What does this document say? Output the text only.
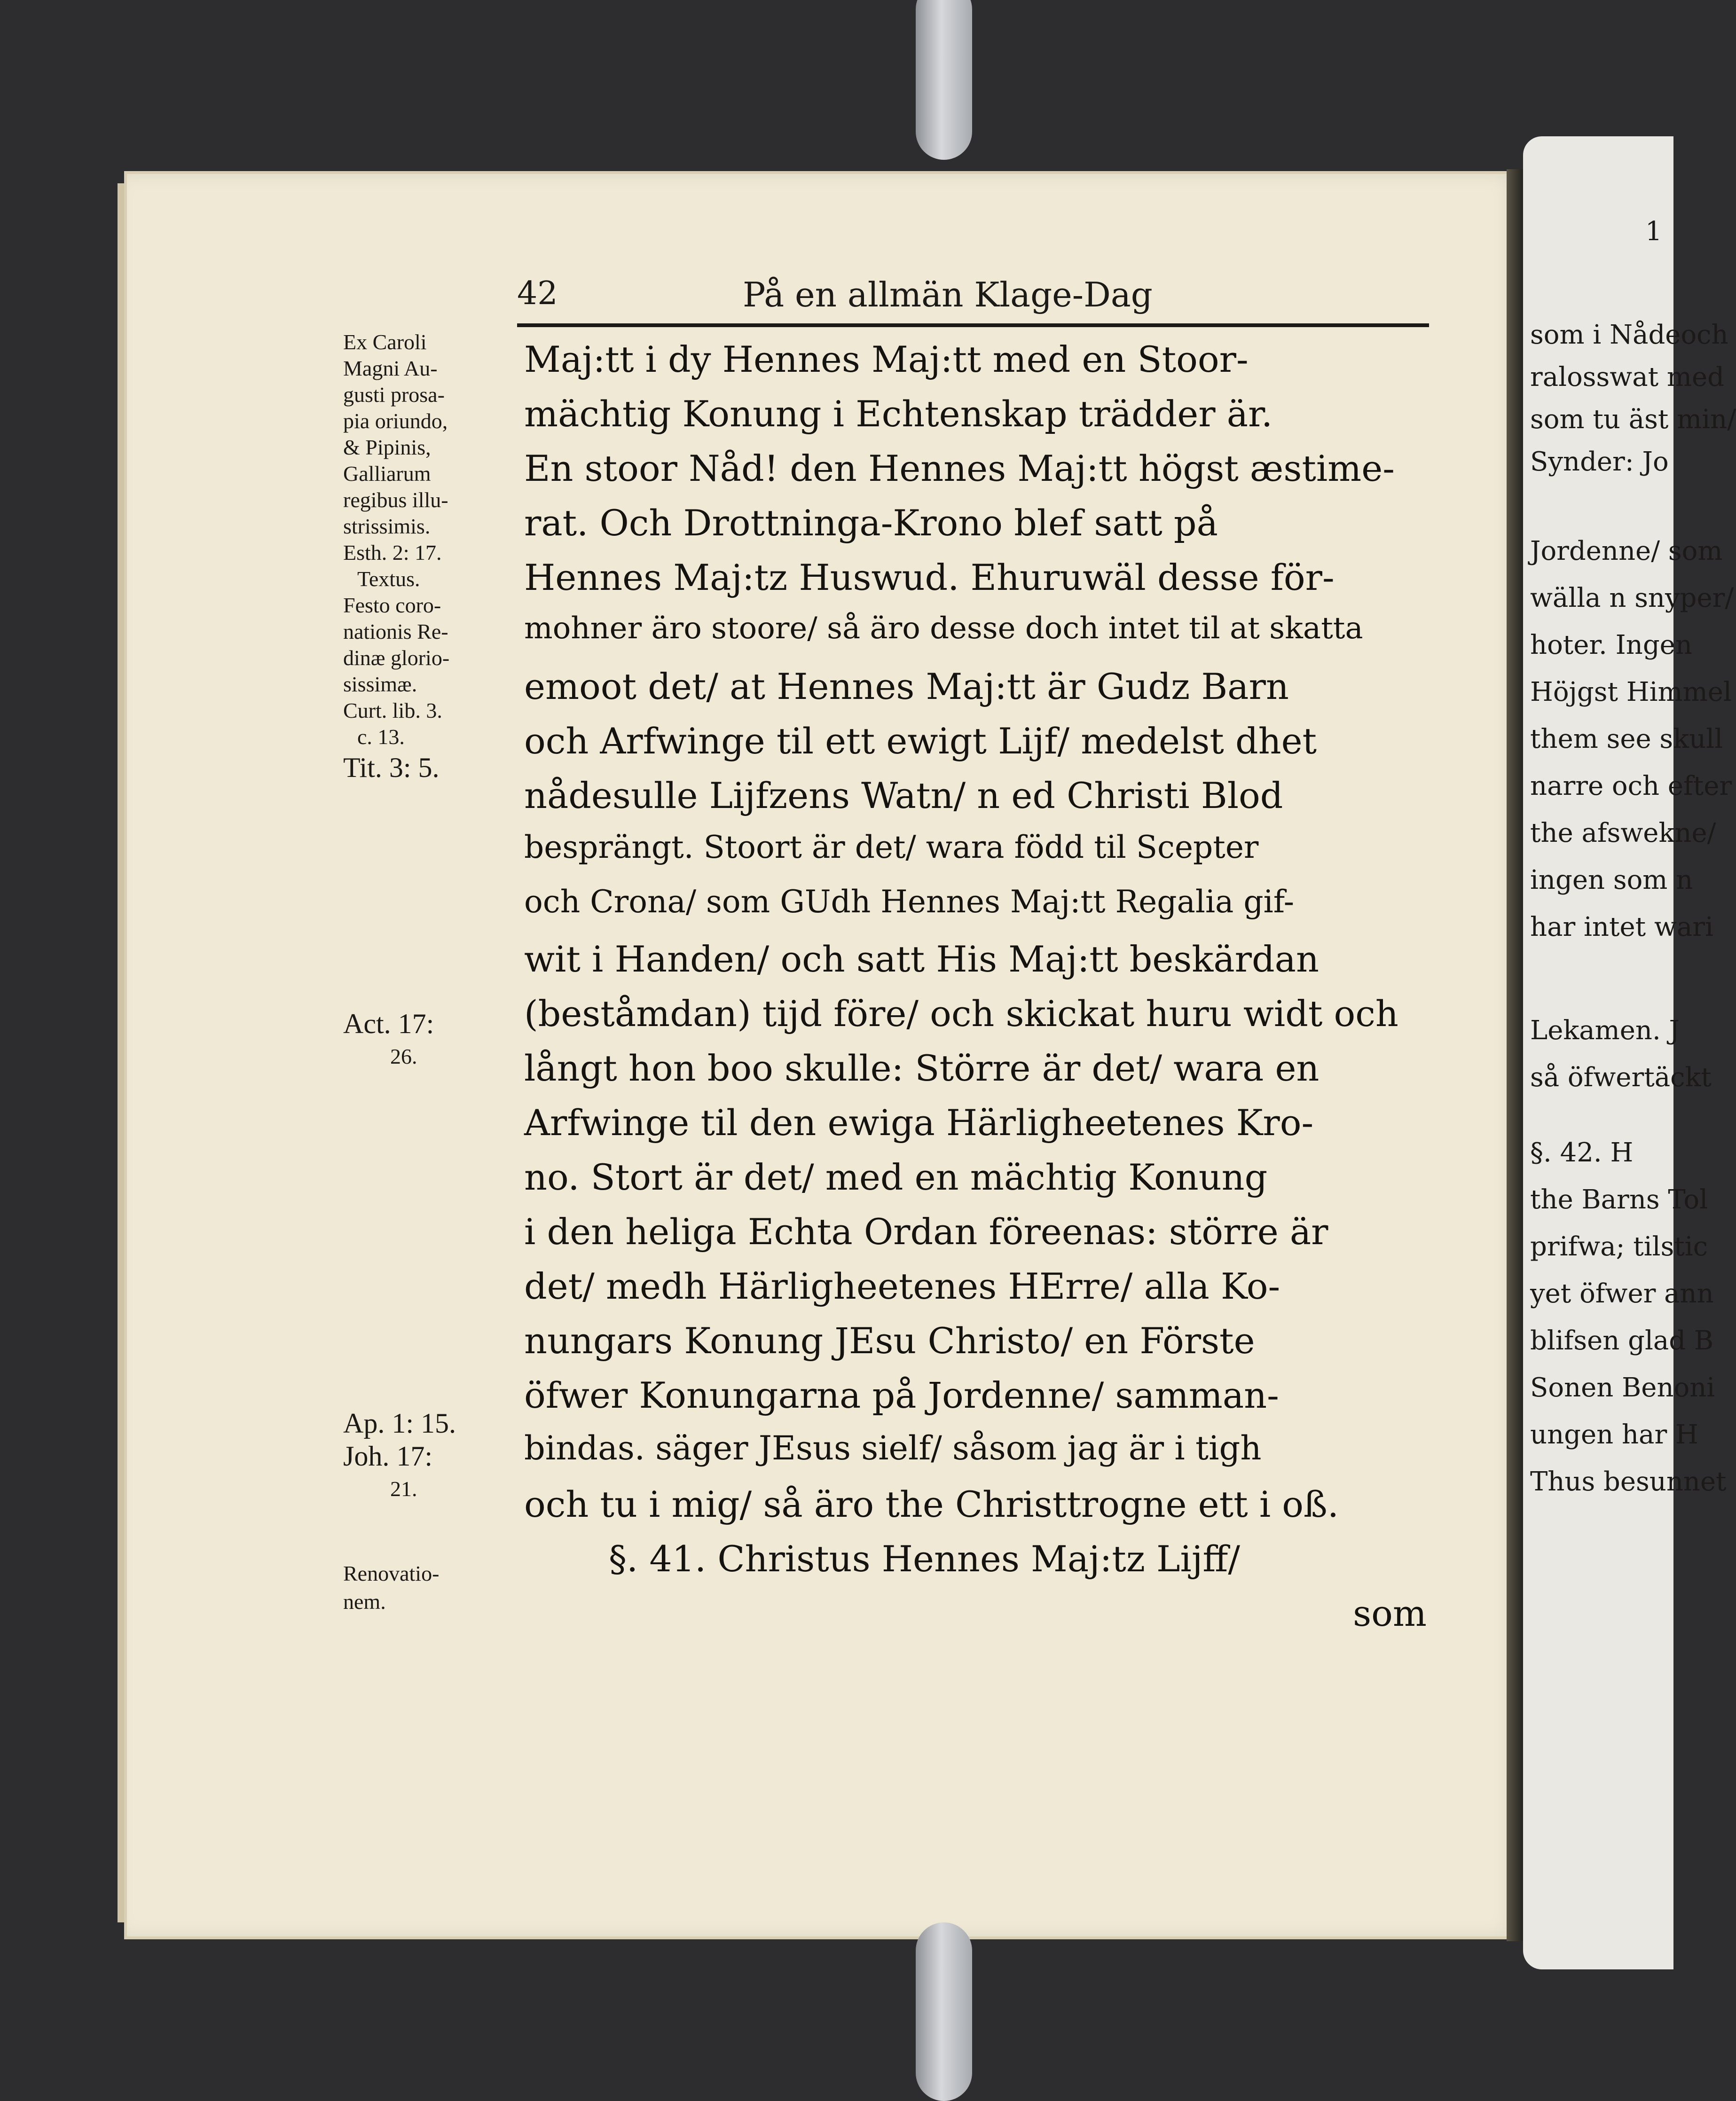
42	På en allmän Klage-Dag
Ex Caroli
Magni Au-
gusti prosa-
pia oriundo,
& Pipinis,
Galliarum
regibus illu-
strissimis.
Esth. 2: 17.
Textus.
Festo coro-
nationis Re-
dinæ glorio-
sissimæ.
Curt. lib. 3.
c. 13.
Tit. 3: 5.
Act. 17:
26.
Ap. 1: 15.
Joh. 17:
21.
Renovatio-
nem.
Maj:tt i dy Hennes Maj:tt med en Stoor-
mächtig Konung i Echtenskap trädder är.
En stoor Nåd! den Hennes Maj:tt högst æstime-
rat. Och Drottninga-Krono blef satt på
Hennes Maj:tz Huswud. Ehuruwäl desse för-
mohner äro stoore/ så äro desse doch intet til at skatta
emoot det/ at Hennes Maj:tt är Gudz Barn
och Arfwinge til ett ewigt Lijf/ medelst dhet
nådesulle Lijfzens Watn/ n ed Christi Blod
besprängt. Stoort är det/ wara född til Scepter
och Crona/ som GUdh Hennes Maj:tt Regalia gif-
wit i Handen/ och satt His Maj:tt beskärdan
(beståmdan) tijd före/ och skickat huru widt och
långt hon boo skulle: Större är det/ wara en
Arfwinge til den ewiga Härligheetenes Kro-
no. Stort är det/ med en mächtig Konung
i den heliga Echta Ordan föreenas: större är
det/ medh Härligheetenes HErre/ alla Ko-
nungars Konung JEsu Christo/ en Förste
öfwer Konungarna på Jordenne/ samman-
bindas. säger JEsus sielf/ såsom jag är i tigh
och tu i mig/ så äro the Christtrogne ett i oß.
§. 41. Christus Hennes Maj:tz Lijff/
som
1
som i Nådeoch
ralosswat med
som tu äst min/
Synder: Jo
Jordenne/ som
wälla n snyper/
hoter. Ingen
Höjgst Himmel
them see skull
narre och efter
the afswekne/
ingen som n
har intet wari
Lekamen. J
så öfwertäckt
§. 42. H
the Barns Tol
prifwa; tilstic
yet öfwer ann
blifsen glad B
Sonen Benoni
ungen har H
Thus besunnet
